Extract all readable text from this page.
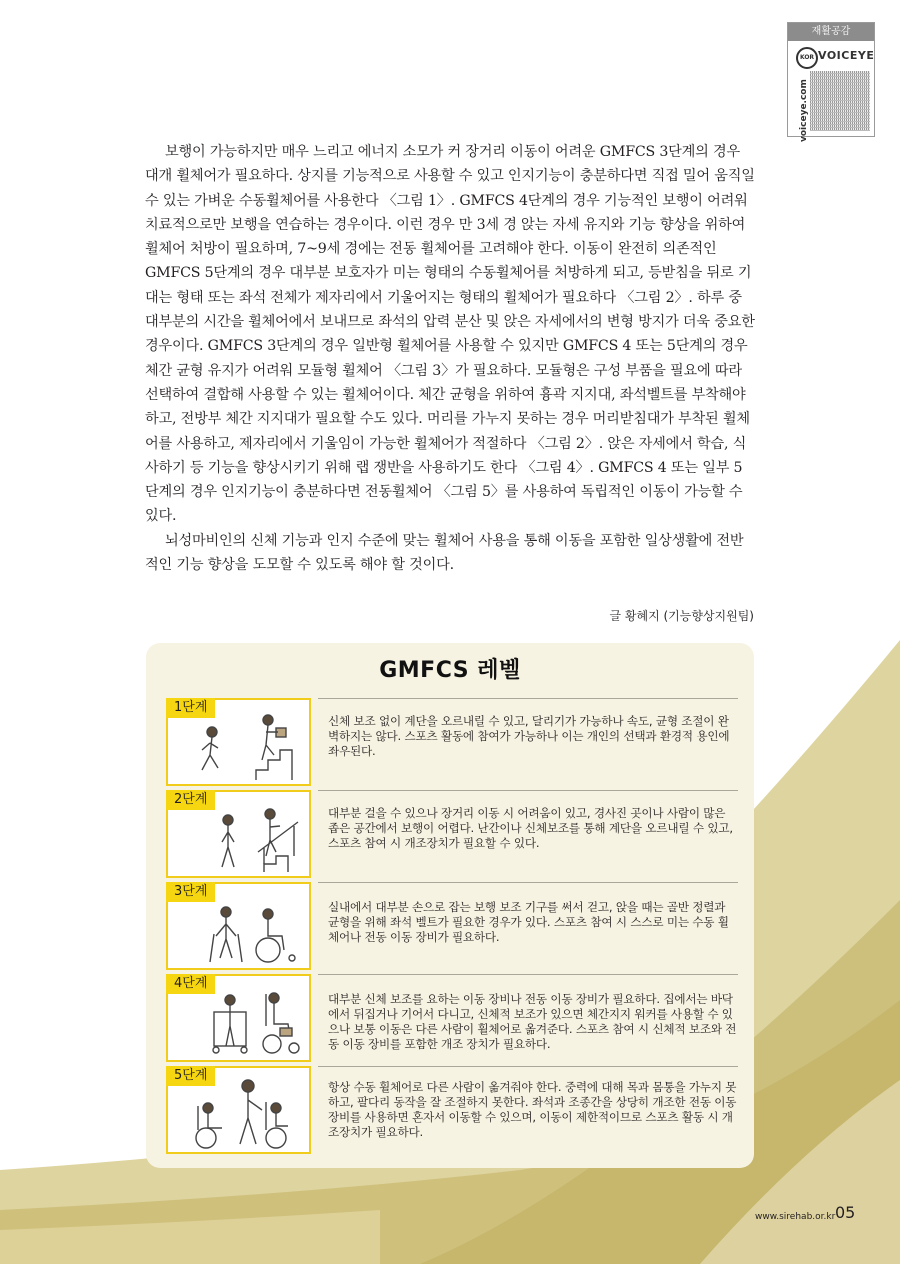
재활공감
KOR VOICEYE
voiceye.com

보행이 가능하지만 매우 느리고 에너지 소모가 커 장거리 이동이 어려운 GMFCS 3단계의 경우 대개 휠체어가 필요하다. 상지를 기능적으로 사용할 수 있고 인지기능이 충분하다면 직접 밀어 움직일 수 있는 가벼운 수동휠체어를 사용한다 〈그림 1〉. GMFCS 4단계의 경우 기능적인 보행이 어려워 치료적으로만 보행을 연습하는 경우이다. 이런 경우 만 3세 경 앉는 자세 유지와 기능 향상을 위하여 휠체어 처방이 필요하며, 7~9세 경에는 전동 휠체어를 고려해야 한다. 이동이 완전히 의존적인 GMFCS 5단계의 경우 대부분 보호자가 미는 형태의 수동휠체어를 처방하게 되고, 등받침을 뒤로 기대는 형태 또는 좌석 전체가 제자리에서 기울어지는 형태의 휠체어가 필요하다 〈그림 2〉. 하루 중 대부분의 시간을 휠체어에서 보내므로 좌석의 압력 분산 및 앉은 자세에서의 변형 방지가 더욱 중요한 경우이다. GMFCS 3단계의 경우 일반형 휠체어를 사용할 수 있지만 GMFCS 4 또는 5단계의 경우 체간 균형 유지가 어려워 모듈형 휠체어 〈그림 3〉가 필요하다. 모듈형은 구성 부품을 필요에 따라 선택하여 결합해 사용할 수 있는 휠체어이다. 체간 균형을 위하여 흉곽 지지대, 좌석벨트를 부착해야 하고, 전방부 체간 지지대가 필요할 수도 있다. 머리를 가누지 못하는 경우 머리받침대가 부착된 휠체어를 사용하고, 제자리에서 기울임이 가능한 휠체어가 적절하다 〈그림 2〉. 앉은 자세에서 학습, 식사하기 등 기능을 향상시키기 위해 랩 쟁반을 사용하기도 한다 〈그림 4〉. GMFCS 4 또는 일부 5단계의 경우 인지기능이 충분하다면 전동휠체어 〈그림 5〉를 사용하여 독립적인 이동이 가능할 수 있다.

뇌성마비인의 신체 기능과 인지 수준에 맞는 휠체어 사용을 통해 이동을 포함한 일상생활에 전반적인 기능 향상을 도모할 수 있도록 해야 할 것이다.

글 황혜지 (기능향상지원팀)
GMFCS 레벨
1단계
신체 보조 없이 계단을 오르내릴 수 있고, 달리기가 가능하나 속도, 균형 조절이 완벽하지는 않다. 스포츠 활동에 참여가 가능하나 이는 개인의 선택과 환경적 용인에 좌우된다.
2단계
대부분 걸을 수 있으나 장거리 이동 시 어려움이 있고, 경사진 곳이나 사람이 많은 좁은 공간에서 보행이 어렵다. 난간이나 신체보조를 통해 계단을 오르내릴 수 있고, 스포츠 참여 시 개조장치가 필요할 수 있다.
3단계
실내에서 대부분 손으로 잡는 보행 보조 기구를 써서 걷고, 앉을 때는 골반 정렬과 균형을 위해 좌석 벨트가 필요한 경우가 있다. 스포츠 참여 시 스스로 미는 수동 휠체어나 전동 이동 장비가 필요하다.
4단계
대부분 신체 보조를 요하는 이동 장비나 전동 이동 장비가 필요하다. 집에서는 바닥에서 뒤집거나 기어서 다니고, 신체적 보조가 있으면 체간지지 워커를 사용할 수 있으나 보통 이동은 다른 사람이 휠체어로 옮겨준다. 스포츠 참여 시 신체적 보조와 전동 이동 장비를 포함한 개조 장치가 필요하다.
5단계
항상 수동 휠체어로 다른 사람이 옮겨줘야 한다. 중력에 대해 목과 몸통을 가누지 못하고, 팔다리 동작을 잘 조절하지 못한다. 좌석과 조종간을 상당히 개조한 전동 이동 장비를 사용하면 혼자서 이동할 수 있으며, 이동이 제한적이므로 스포츠 활동 시 개조장치가 필요하다.
www.sirehab.or.kr 05
